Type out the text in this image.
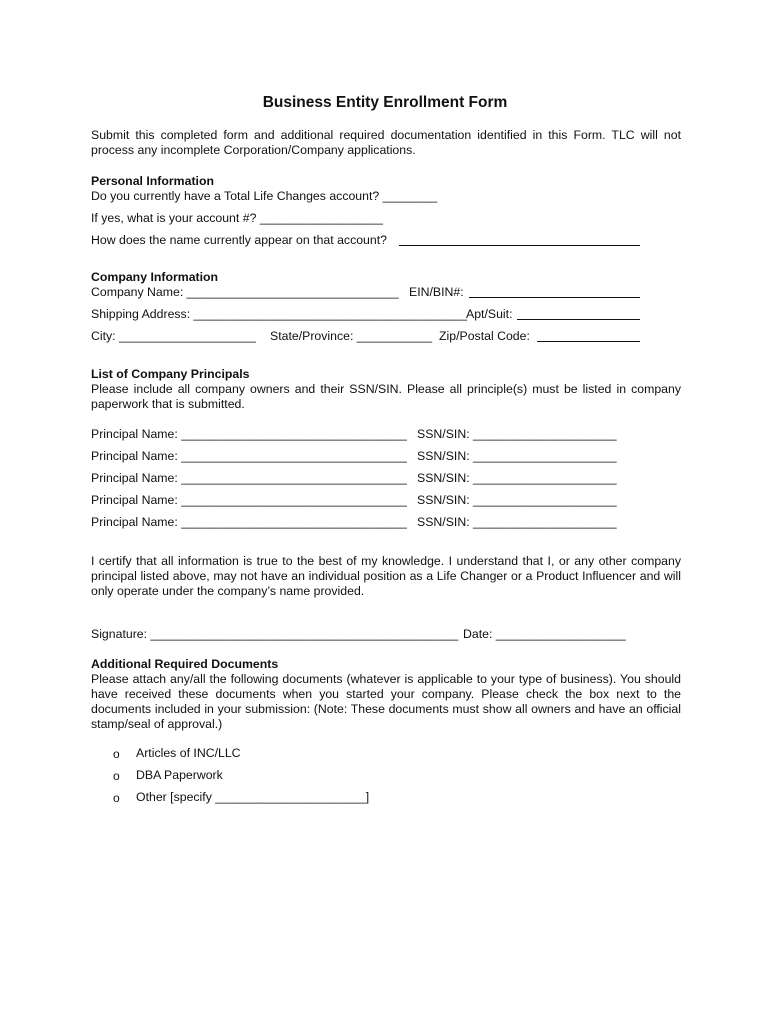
Business Entity Enrollment Form
Submit this completed form and additional required documentation identified in this Form. TLC will not process any incomplete Corporation/Company applications.
Personal Information
Do you currently have a Total Life Changes account? ________
If yes, what is your account #? __________________
How does the name currently appear on that account?
Company Information
Company Name: _______________________________ EIN/BIN#:
Shipping Address: ________________________________________
Apt/Suit:
City: ____________________ State/Province: ___________ Zip/Postal Code:
List of Company Principals
Please include all company owners and their SSN/SIN. Please all principle(s) must be listed in company paperwork that is submitted.
Principal Name: _________________________________ SSN/SIN: _____________________
Principal Name: _________________________________ SSN/SIN: _____________________
Principal Name: _________________________________ SSN/SIN: _____________________
Principal Name: _________________________________ SSN/SIN: _____________________
Principal Name: _________________________________ SSN/SIN: _____________________
I certify that all information is true to the best of my knowledge. I understand that I, or any other company principal listed above, may not have an individual position as a Life Changer or a Product Influencer and will only operate under the company’s name provided.
Signature: _____________________________________________ Date: ___________________
Additional Required Documents
Please attach any/all the following documents (whatever is applicable to your type of business). You should have received these documents when you started your company. Please check the box next to the documents included in your submission: (Note: These documents must show all owners and have an official stamp/seal of approval.)
o Articles of INC/LLC
o DBA Paperwork
o Other [specify ______________________]
